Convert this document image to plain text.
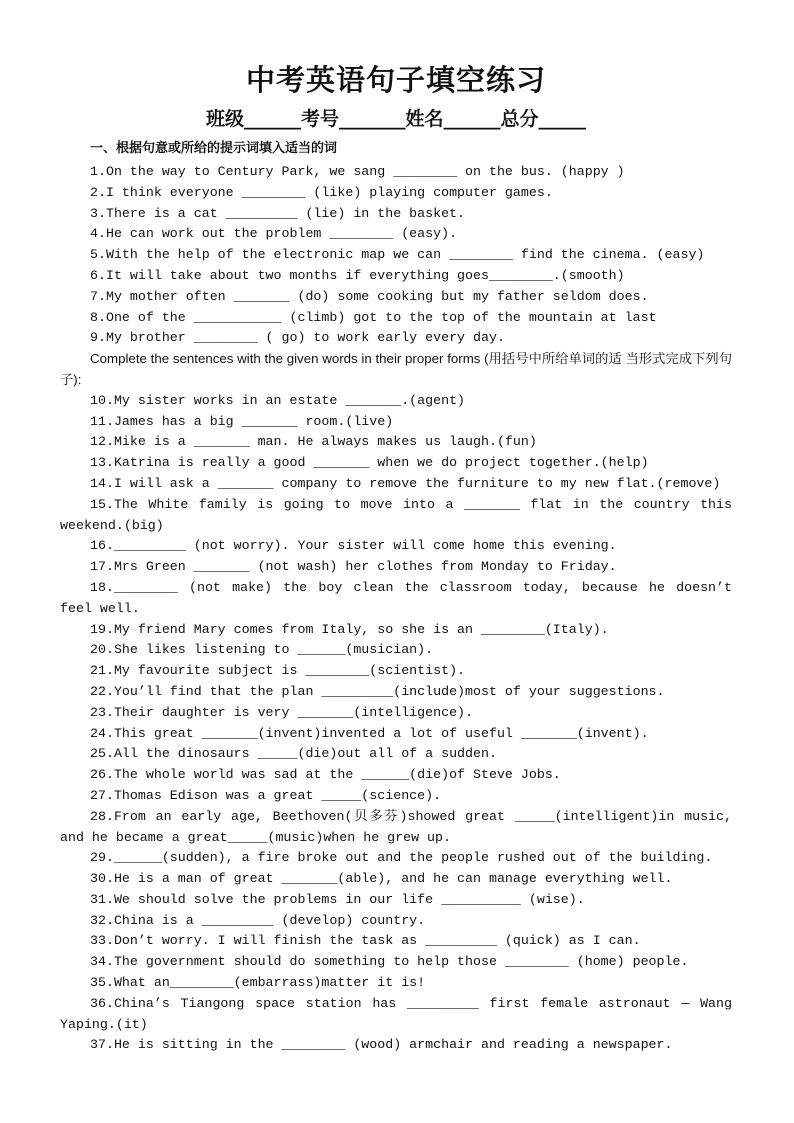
中考英语句子填空练习
班级______考号_______姓名______总分_____
一、根据句意或所给的提示词填入适当的词
1.On the way to Century Park, we sang ________ on the bus. (happy )
2.I think everyone ________ (like) playing computer games.
3.There is a cat _________ (lie) in the basket.
4.He can work out the problem ________ (easy).
5.With the help of the electronic map we can ________ find the cinema. (easy)
6.It will take about two months if everything goes________.(smooth)
7.My mother often _______ (do) some cooking but my father seldom does.
8.One of the ___________ (climb) got to the top of the mountain at last
9.My brother ________ ( go) to work early every day.
Complete the sentences with the given words in their proper forms (用括号中所给单词的适 当形式完成下列句子):
10.My sister works in an estate _______.(agent)
11.James has a big _______ room.(live)
12.Mike is a _______ man. He always makes us laugh.(fun)
13.Katrina is really a good _______ when we do project together.(help)
14.I will ask a _______ company to remove the furniture to my new flat.(remove)
15.The White family is going to move into a _______ flat in the country this weekend.(big)
16._________ (not worry). Your sister will come home this evening.
17.Mrs Green _______ (not wash) her clothes from Monday to Friday.
18.________ (not make) the boy clean the classroom today, because he doesn’t feel well.
19.My friend Mary comes from Italy, so she is an ________(Italy).
20.She likes listening to ______(musician).
21.My favourite subject is ________(scientist).
22.You’ll find that the plan _________(include)most of your suggestions.
23.Their daughter is very _______(intelligence).
24.This great _______(invent)invented a lot of useful _______(invent).
25.All the dinosaurs _____(die)out all of a sudden.
26.The whole world was sad at the ______(die)of Steve Jobs.
27.Thomas Edison was a great _____(science).
28.From an early age, Beethoven(贝多芬)showed great _____(intelligent)in music, and he became a great_____(music)when he grew up.
29.______(sudden), a fire broke out and the people rushed out of the building.
30.He is a man of great _______(able), and he can manage everything well.
31.We should solve the problems in our life __________ (wise).
32.China is a _________ (develop) country.
33.Don’t worry. I will finish the task as _________ (quick) as I can.
34.The government should do something to help those ________ (home) people.
35.What an________(embarrass)matter it is!
36.China’s Tiangong space station has _________ first female astronaut — Wang Yaping.(it)
37.He is sitting in the ________ (wood) armchair and reading a newspaper.
